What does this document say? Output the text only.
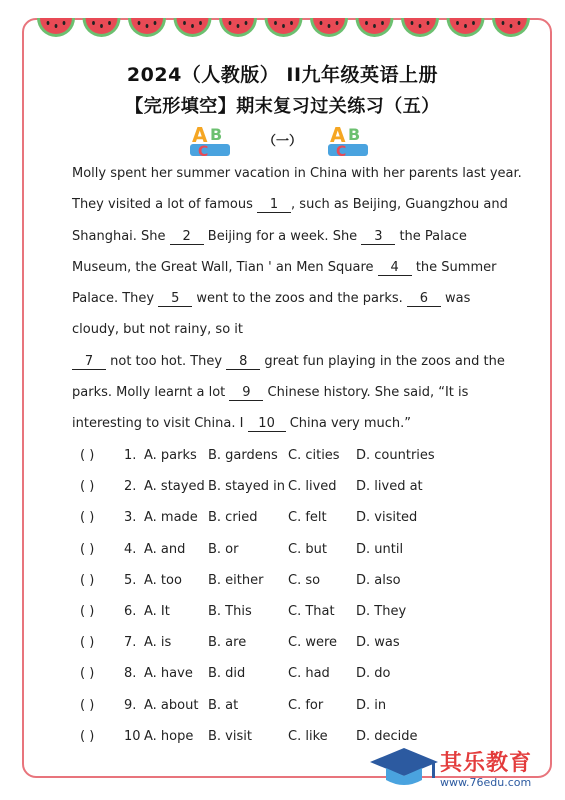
2024（人教版） ⅠⅠ九年级英语上册
【完形填空】期末复习过关练习（五）
A B
C
（一）	A B
C
Molly spent her summer vacation in China with her parents last year.
They visited a lot of famous 1 , such as Beijing, Guangzhou and
Shanghai. She 2 Beijing for a week. She 3 the Palace
Museum, the Great Wall, Tian ' an Men Square 4 the Summer
Palace. They 5 went to the zoos and the parks. 6 was
cloudy, but not rainy, so it
7 not too hot. They 8 great fun playing in the zoos and the
parks. Molly learnt a lot 9 Chinese history. She said, “It is
interesting to visit China. I 10 China very much.”
( ) 1. A. parks B. gardens C. cities D. countries
( ) 2. A. stayed B. stayed in C. lived D. lived at
( ) 3. A. made B. cried C. felt D. visited
( ) 4. A. and B. or	C. but D. until
( ) 5. A. too B. either C. so	D. also
( ) 6. A. It	B. This	C. That D. They
( ) 7. A. is	B. are	C. were D. was
( ) 8. A. have B. did	C. had D. do
( ) 9. A. about B. at	C. for	D. in
( ) 10 A. hope B. visit	C. like D. decide
其乐教育
www.76edu.com
